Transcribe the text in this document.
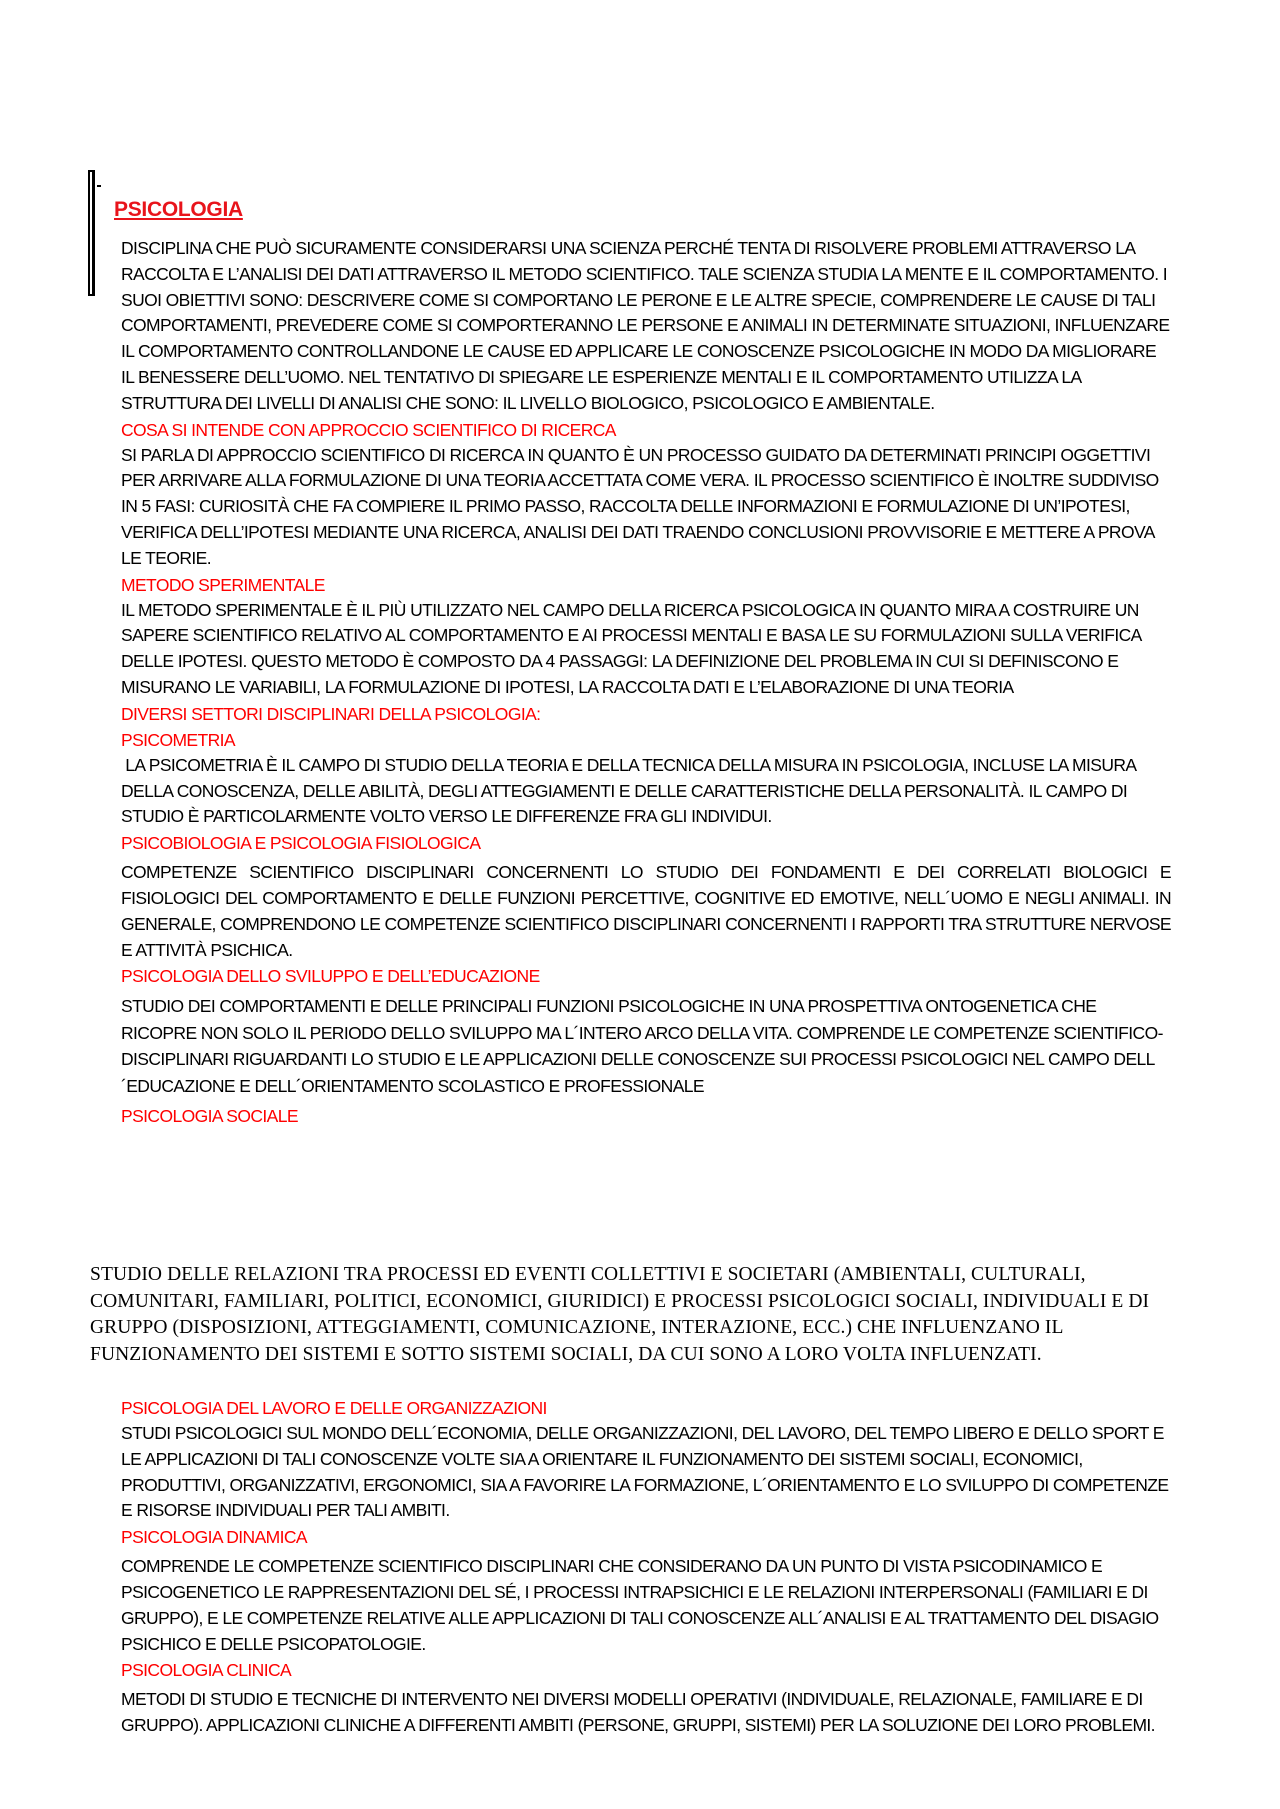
PSICOLOGIA

DISCIPLINA CHE PUÒ SICURAMENTE CONSIDERARSI UNA SCIENZA PERCHÉ TENTA DI RISOLVERE PROBLEMI ATTRAVERSO LA RACCOLTA E L’ANALISI DEI DATI ATTRAVERSO IL METODO SCIENTIFICO. TALE SCIENZA STUDIA LA MENTE E IL COMPORTAMENTO. I SUOI OBIETTIVI SONO: DESCRIVERE COME SI COMPORTANO LE PERONE E LE ALTRE SPECIE, COMPRENDERE LE CAUSE DI TALI COMPORTAMENTI, PREVEDERE COME SI COMPORTERANNO LE PERSONE E ANIMALI IN DETERMINATE SITUAZIONI, INFLUENZARE IL COMPORTAMENTO CONTROLLANDONE LE CAUSE ED APPLICARE LE CONOSCENZE PSICOLOGICHE IN MODO DA MIGLIORARE IL BENESSERE DELL’UOMO. NEL TENTATIVO DI SPIEGARE LE ESPERIENZE MENTALI E IL COMPORTAMENTO UTILIZZA LA STRUTTURA DEI LIVELLI DI ANALISI CHE SONO: IL LIVELLO BIOLOGICO, PSICOLOGICO E AMBIENTALE.

COSA SI INTENDE CON APPROCCIO SCIENTIFICO DI RICERCA

SI PARLA DI APPROCCIO SCIENTIFICO DI RICERCA IN QUANTO È UN PROCESSO GUIDATO DA DETERMINATI PRINCIPI OGGETTIVI PER ARRIVARE ALLA FORMULAZIONE DI UNA TEORIA ACCETTATA COME VERA. IL PROCESSO SCIENTIFICO È INOLTRE SUDDIVISO IN 5 FASI: CURIOSITÀ CHE FA COMPIERE IL PRIMO PASSO, RACCOLTA DELLE INFORMAZIONI E FORMULAZIONE DI UN’IPOTESI, VERIFICA DELL’IPOTESI MEDIANTE UNA RICERCA, ANALISI DEI DATI TRAENDO CONCLUSIONI PROVVISORIE E METTERE A PROVA LE TEORIE.

METODO SPERIMENTALE

IL METODO SPERIMENTALE È IL PIÙ UTILIZZATO NEL CAMPO DELLA RICERCA PSICOLOGICA IN QUANTO MIRA A COSTRUIRE UN SAPERE SCIENTIFICO RELATIVO AL COMPORTAMENTO E AI PROCESSI MENTALI E BASA LE SU FORMULAZIONI SULLA VERIFICA DELLE IPOTESI. QUESTO METODO È COMPOSTO DA 4 PASSAGGI: LA DEFINIZIONE DEL PROBLEMA IN CUI SI DEFINISCONO E MISURANO LE VARIABILI, LA FORMULAZIONE DI IPOTESI, LA RACCOLTA DATI E L’ELABORAZIONE DI UNA TEORIA

DIVERSI SETTORI DISCIPLINARI DELLA PSICOLOGIA:

PSICOMETRIA

LA PSICOMETRIA È IL CAMPO DI STUDIO DELLA TEORIA E DELLA TECNICA DELLA MISURA IN PSICOLOGIA, INCLUSE LA MISURA DELLA CONOSCENZA, DELLE ABILITÀ, DEGLI ATTEGGIAMENTI E DELLE CARATTERISTICHE DELLA PERSONALITÀ. IL CAMPO DI STUDIO È PARTICOLARMENTE VOLTO VERSO LE DIFFERENZE FRA GLI INDIVIDUI.

PSICOBIOLOGIA E PSICOLOGIA FISIOLOGICA

COMPETENZE SCIENTIFICO DISCIPLINARI CONCERNENTI LO STUDIO DEI FONDAMENTI E DEI CORRELATI BIOLOGICI E FISIOLOGICI DEL COMPORTAMENTO E DELLE FUNZIONI PERCETTIVE, COGNITIVE ED EMOTIVE, NELL´UOMO E NEGLI ANIMALI. IN GENERALE, COMPRENDONO LE COMPETENZE SCIENTIFICO DISCIPLINARI CONCERNENTI I RAPPORTI TRA STRUTTURE NERVOSE E ATTIVITÀ PSICHICA.

PSICOLOGIA DELLO SVILUPPO E DELL’EDUCAZIONE

STUDIO DEI COMPORTAMENTI E DELLE PRINCIPALI FUNZIONI PSICOLOGICHE IN UNA PROSPETTIVA ONTOGENETICA CHE RICOPRE NON SOLO IL PERIODO DELLO SVILUPPO MA L´INTERO ARCO DELLA VITA. COMPRENDE LE COMPETENZE SCIENTIFICO-DISCIPLINARI RIGUARDANTI LO STUDIO E LE APPLICAZIONI DELLE CONOSCENZE SUI PROCESSI PSICOLOGICI NEL CAMPO DELL´EDUCAZIONE E DELL´ORIENTAMENTO SCOLASTICO E PROFESSIONALE

PSICOLOGIA SOCIALE

STUDIO DELLE RELAZIONI TRA PROCESSI ED EVENTI COLLETTIVI E SOCIETARI (AMBIENTALI, CULTURALI, COMUNITARI, FAMILIARI, POLITICI, ECONOMICI, GIURIDICI) E PROCESSI PSICOLOGICI SOCIALI, INDIVIDUALI E DI GRUPPO (DISPOSIZIONI, ATTEGGIAMENTI, COMUNICAZIONE, INTERAZIONE, ECC.) CHE INFLUENZANO IL FUNZIONAMENTO DEI SISTEMI E SOTTO SISTEMI SOCIALI, DA CUI SONO A LORO VOLTA INFLUENZATI.

PSICOLOGIA DEL LAVORO E DELLE ORGANIZZAZIONI

STUDI PSICOLOGICI SUL MONDO DELL´ECONOMIA, DELLE ORGANIZZAZIONI, DEL LAVORO, DEL TEMPO LIBERO E DELLO SPORT E LE APPLICAZIONI DI TALI CONOSCENZE VOLTE SIA A ORIENTARE IL FUNZIONAMENTO DEI SISTEMI SOCIALI, ECONOMICI, PRODUTTIVI, ORGANIZZATIVI, ERGONOMICI, SIA A FAVORIRE LA FORMAZIONE, L´ORIENTAMENTO E LO SVILUPPO DI COMPETENZE E RISORSE INDIVIDUALI PER TALI AMBITI.

PSICOLOGIA DINAMICA

COMPRENDE LE COMPETENZE SCIENTIFICO DISCIPLINARI CHE CONSIDERANO DA UN PUNTO DI VISTA PSICODINAMICO E PSICOGENETICO LE RAPPRESENTAZIONI DEL SÉ, I PROCESSI INTRAPSICHICI E LE RELAZIONI INTERPERSONALI (FAMILIARI E DI GRUPPO), E LE COMPETENZE RELATIVE ALLE APPLICAZIONI DI TALI CONOSCENZE ALL´ANALISI E AL TRATTAMENTO DEL DISAGIO PSICHICO E DELLE PSICOPATOLOGIE.

PSICOLOGIA CLINICA

METODI DI STUDIO E TECNICHE DI INTERVENTO NEI DIVERSI MODELLI OPERATIVI (INDIVIDUALE, RELAZIONALE, FAMILIARE E DI GRUPPO). APPLICAZIONI CLINICHE A DIFFERENTI AMBITI (PERSONE, GRUPPI, SISTEMI) PER LA SOLUZIONE DEI LORO PROBLEMI.
